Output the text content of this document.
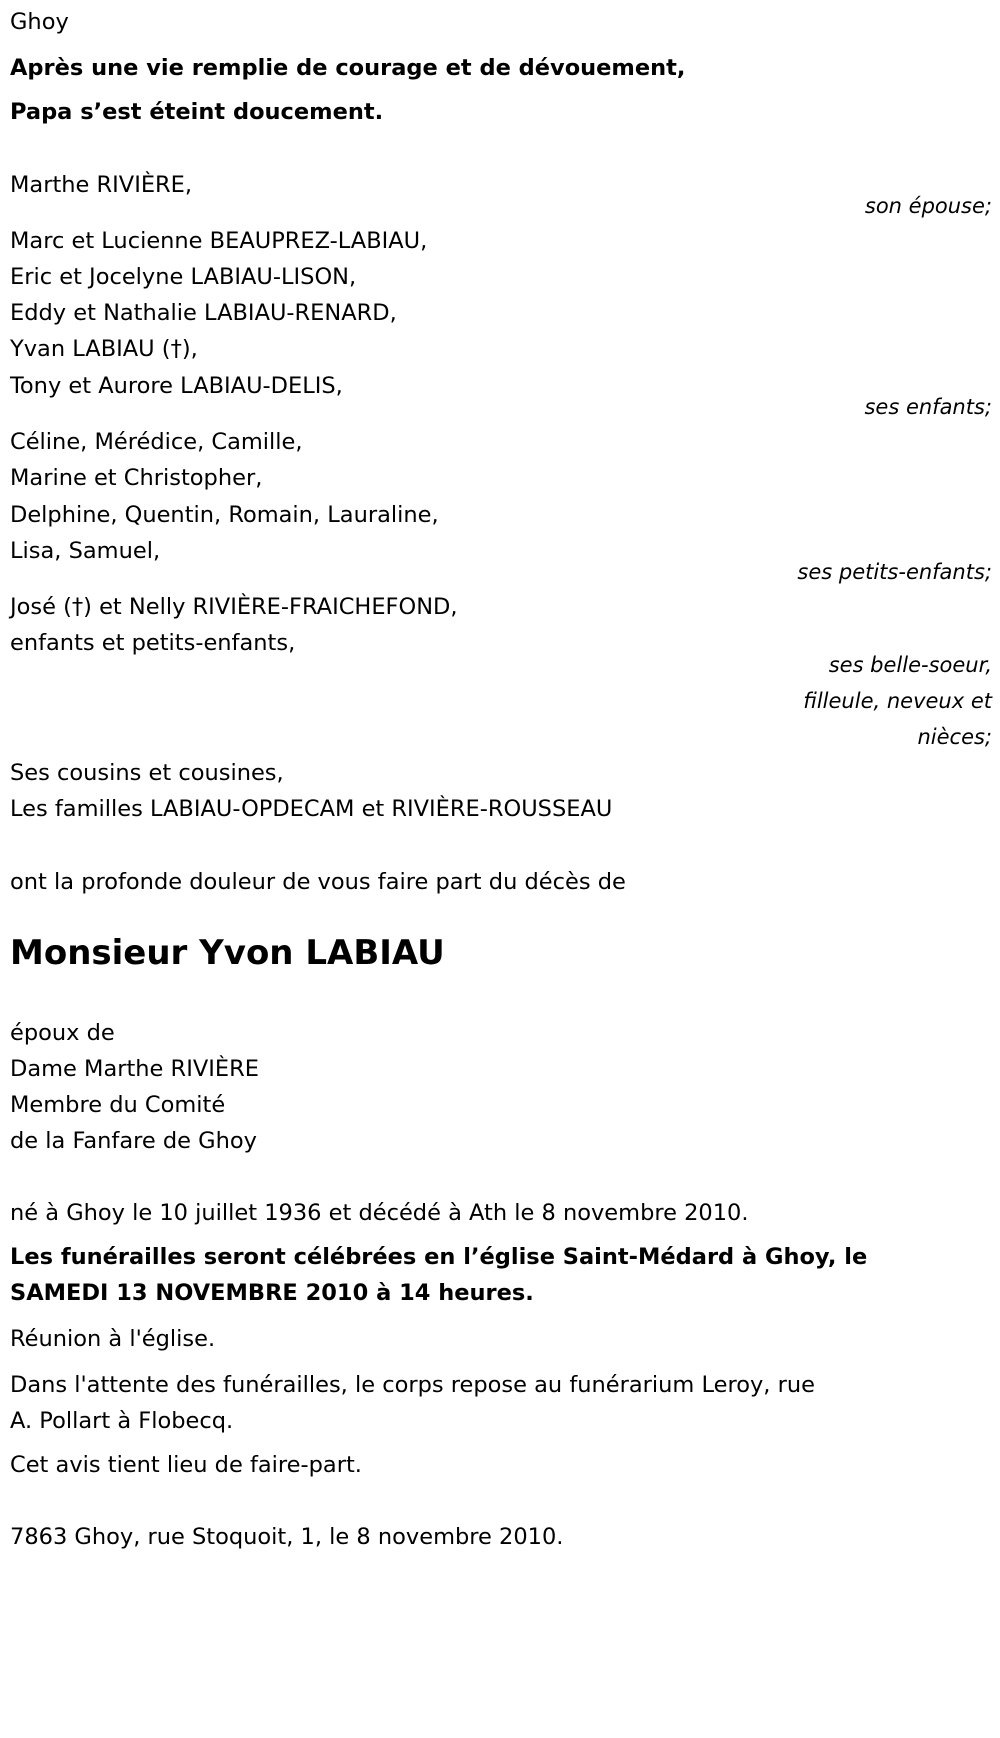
Ghoy

Après une vie remplie de courage et de dévouement,

Papa s’est éteint doucement.

Marthe RIVIÈRE,

son épouse;

Marc et Lucienne BEAUPREZ-LABIAU,

Eric et Jocelyne LABIAU-LISON,

Eddy et Nathalie LABIAU-RENARD,

Yvan LABIAU (†),

Tony et Aurore LABIAU-DELIS,

ses enfants;

Céline, Mérédice, Camille,

Marine et Christopher,

Delphine, Quentin, Romain, Lauraline,

Lisa, Samuel,

ses petits-enfants;

José (†) et Nelly RIVIÈRE-FRAICHEFOND,

enfants et petits-enfants,

ses belle-soeur,

filleule, neveux et

nièces;

Ses cousins et cousines,

Les familles LABIAU-OPDECAM et RIVIÈRE-ROUSSEAU

ont la profonde douleur de vous faire part du décès de

Monsieur Yvon LABIAU

époux de

Dame Marthe RIVIÈRE

Membre du Comité

de la Fanfare de Ghoy

né à Ghoy le 10 juillet 1936 et décédé à Ath le 8 novembre 2010.

Les funérailles seront célébrées en l’église Saint-Médard à Ghoy, le

SAMEDI 13 NOVEMBRE 2010 à 14 heures.

Réunion à l'église.

Dans l'attente des funérailles, le corps repose au funérarium Leroy, rue

A. Pollart à Flobecq.

Cet avis tient lieu de faire-part.

7863 Ghoy, rue Stoquoit, 1, le 8 novembre 2010.
